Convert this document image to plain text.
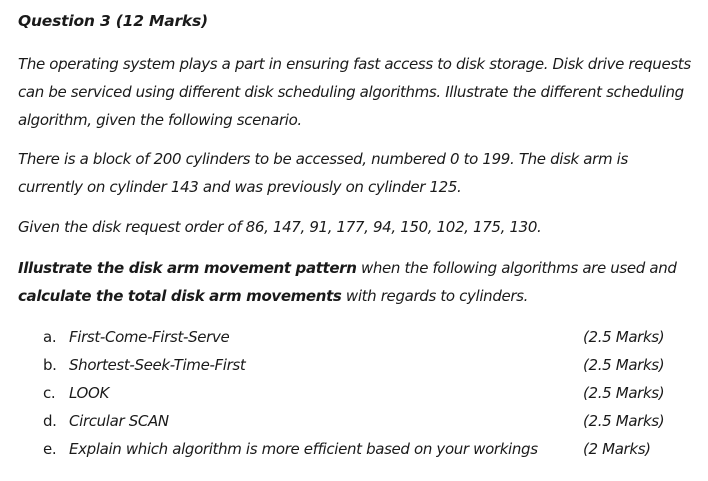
Question 3 (12 Marks)

The operating system plays a part in ensuring fast access to disk storage. Disk drive requests can be serviced using different disk scheduling algorithms. Illustrate the different scheduling algorithm, given the following scenario.

There is a block of 200 cylinders to be accessed, numbered 0 to 199. The disk arm is currently on cylinder 143 and was previously on cylinder 125.

Given the disk request order of 86, 147, 91, 177, 94, 150, 102, 175, 130.

Illustrate the disk arm movement pattern when the following algorithms are used and calculate the total disk arm movements with regards to cylinders.

a. First-Come-First-Serve	(2.5 Marks)
b. Shortest-Seek-Time-First	(2.5 Marks)
c. LOOK	(2.5 Marks)
d. Circular SCAN	(2.5 Marks)
e. Explain which algorithm is more efficient based on your workings	(2 Marks)
